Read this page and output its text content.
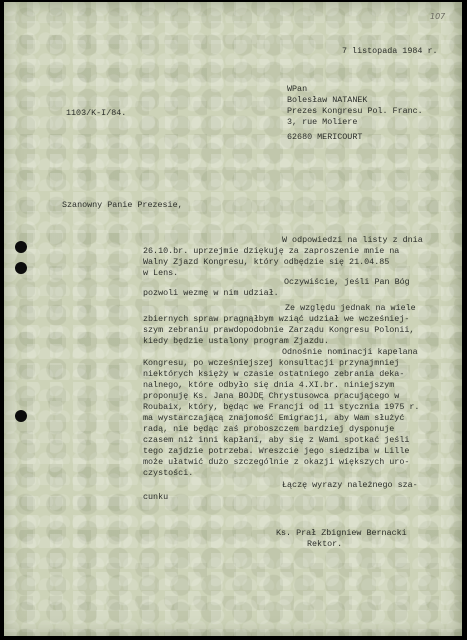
107
7 listopada 1984 r.
1103/K-I/84.
WPan
Bolesław NATANEK
Prezes Kongresu Pol. Franc.
3, rue Moliere
62680 MERICOURT
Szanowny Panie Prezesie,
W odpowiedzi na listy z dnia
26.10.br. uprzejmie dziękuję za zaproszenie mnie na
Walny Zjazd Kongresu, który odbędzie się 21.04.85
w Lens.
Oczywiście, jeśli Pan Bóg
pozwoli wezmę w nim udział.
Ze względu jednak na wiele
zbiernych spraw pragnąłbym wziąć udział we wcześniej-
szym zebraniu prawdopodobnie Zarządu Kongresu Polonii,
kiedy będzie ustalony program Zjazdu.
Odnośnie nominacji kapelana
Kongresu, po wcześniejszej konsultacji przynajmniej
niektórych księży w czasie ostatniego zebrania deka-
nalnego, które odbyło się dnia 4.XI.br. niniejszym
proponuję Ks. Jana BOJDĘ Chrystusowca pracującego w
Roubaix, który, będąc we Francji od 11 stycznia 1975 r.
ma wystarczającą znajomość Emigracji, aby Wam służyć
radą, nie będąc zaś proboszczem bardziej dysponuje
czasem niż inni kapłani, aby się z Wami spotkać jeśli
tego zajdzie potrzeba. Wreszcie jego siedziba w Lille
może ułatwić dużo szczególnie z okazji większych uro-
czystości.
Łączę wyrazy należnego sza-
cunku
Ks. Prał Zbigniew Bernacki
Rektor.
